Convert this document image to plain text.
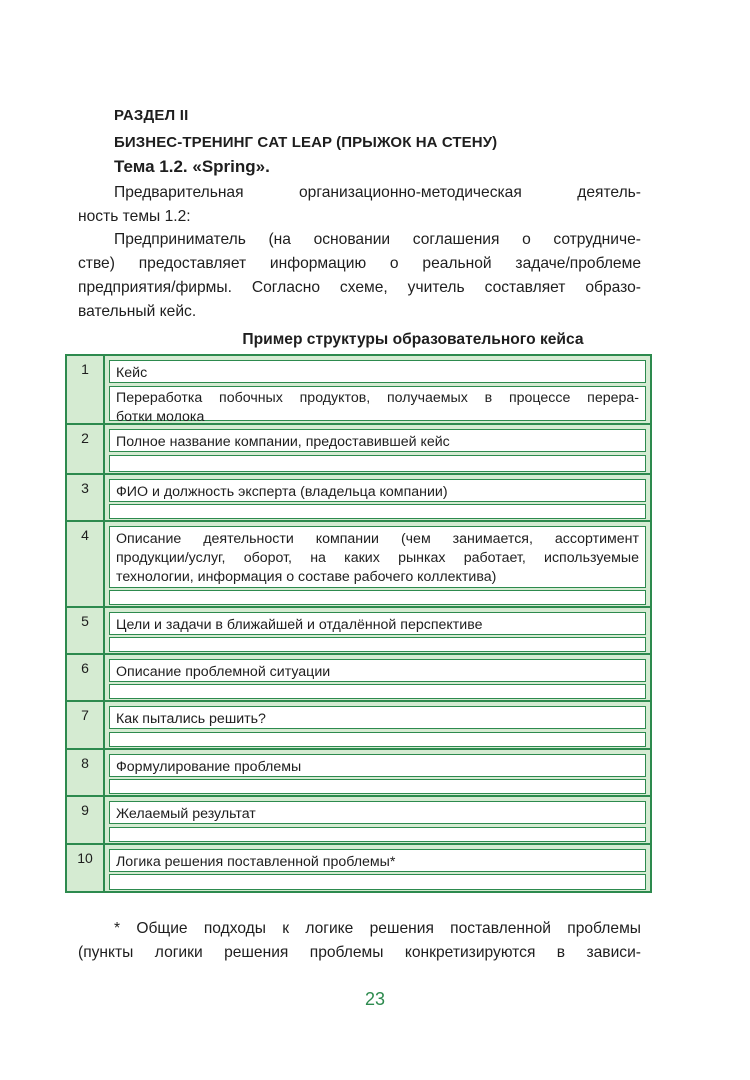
РАЗДЕЛ II
БИЗНЕС-ТРЕНИНГ CAT LEAP (ПРЫЖОК НА СТЕНУ)
Тема 1.2. «Spring».
Предварительная организационно-методическая деятель-
ность темы 1.2:
Предприниматель (на основании соглашения о сотрудниче-
стве) предоставляет информацию о реальной задаче/проблеме
предприятия/фирмы. Согласно схеме, учитель составляет образо-
вательный кейс.
Пример структуры образовательного кейса
1	Кейс
Переработка побочных продуктов, получаемых в процессе перера-
ботки молока
2	Полное название компании, предоставившей кейс
3	ФИО и должность эксперта (владельца компании)
4	Описание деятельности компании (чем занимается, ассортимент
продукции/услуг, оборот, на каких рынках работает, используемые
технологии, информация о составе рабочего коллектива)
5	Цели и задачи в ближайшей и отдалённой перспективе
6	Описание проблемной ситуации
7	Как пытались решить?
8	Формулирование проблемы
9	Желаемый результат
10	Логика решения поставленной проблемы*
* Общие подходы к логике решения поставленной проблемы
(пункты логики решения проблемы конкретизируются в зависи-
23
